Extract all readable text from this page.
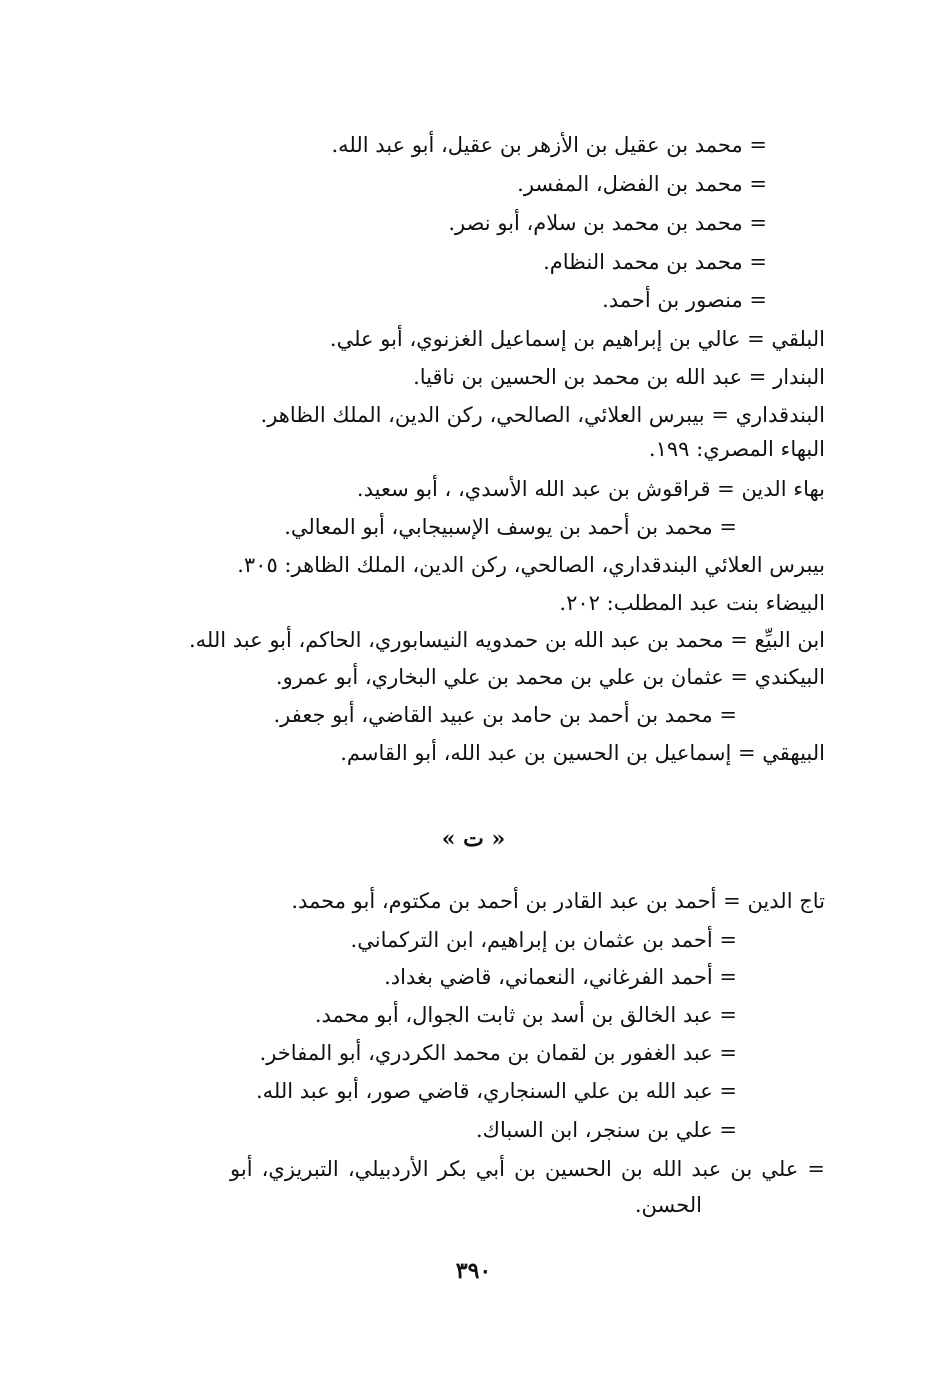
= محمد بن عقيل بن الأزهر بن عقيل، أبو عبد الله.
= محمد بن الفضل، المفسر.
= محمد بن محمد بن سلام، أبو نصر.
= محمد بن محمد النظام.
= منصور بن أحمد.
البلقي = عالي بن إبراهيم بن إسماعيل الغزنوي، أبو علي.
البندار = عبد الله بن محمد بن الحسين بن ناقيا.
البندقداري = بيبرس العلائي، الصالحي، ركن الدين، الملك الظاهر.
البهاء المصري: ١٩٩.
بهاء الدين = قراقوش بن عبد الله الأسدي، ، أبو سعيد.
= محمد بن أحمد بن يوسف الإسبيجابي، أبو المعالي.
بيبرس العلائي البندقداري، الصالحي، ركن الدين، الملك الظاهر: ٣٠٥.
البيضاء بنت عبد المطلب: ٢٠٢.
ابن البيِّع = محمد بن عبد الله بن حمدويه النيسابوري، الحاكم، أبو عبد الله.
البيكندي = عثمان بن علي بن محمد بن علي البخاري، أبو عمرو.
= محمد بن أحمد بن حامد بن عبيد القاضي، أبو جعفر.
البيهقي = إسماعيل بن الحسين بن عبد الله، أبو القاسم.
« ت »
تاج الدين = أحمد بن عبد القادر بن أحمد بن مكتوم، أبو محمد.
= أحمد بن عثمان بن إبراهيم، ابن التركماني.
= أحمد الفرغاني، النعماني، قاضي بغداد.
= عبد الخالق بن أسد بن ثابت الجوال، أبو محمد.
= عبد الغفور بن لقمان بن محمد الكردري، أبو المفاخر.
= عبد الله بن علي السنجاري، قاضي صور، أبو عبد الله.
= علي بن سنجر، ابن السباك.
= علي بن عبد الله بن الحسين بن أبي بكر الأردبيلي، التبريزي، أبو
الحسن.
٣٩٠
